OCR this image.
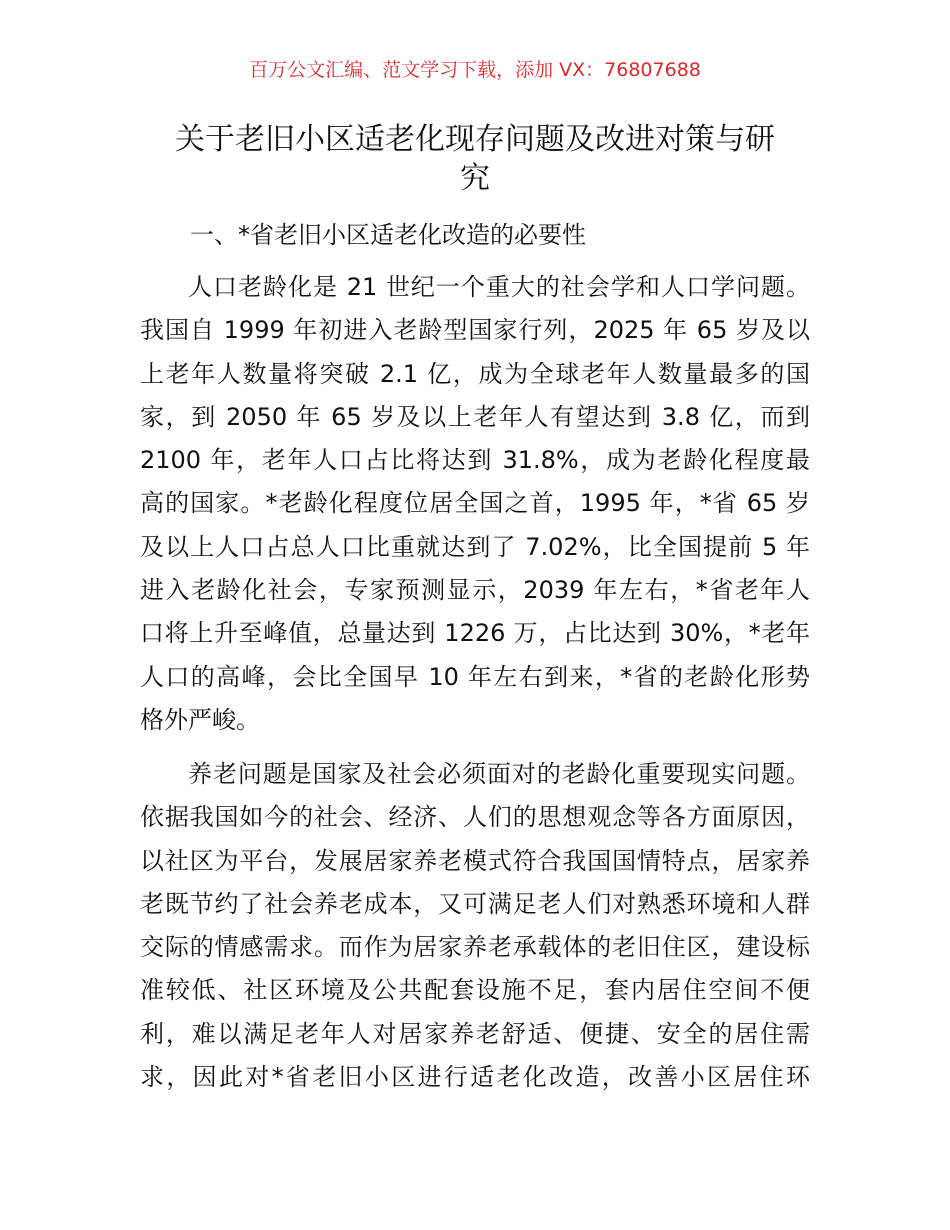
百万公文汇编、范文学习下载，添加 VX：76807688
关于老旧小区适老化现存问题及改进对策与研
究
一、*省老旧小区适老化改造的必要性
人口老龄化是 21 世纪一个重大的社会学和人口学问题。
我国自 1999 年初进入老龄型国家行列，2025 年 65 岁及以
上老年人数量将突破 2.1 亿，成为全球老年人数量最多的国
家，到 2050 年 65 岁及以上老年人有望达到 3.8 亿，而到
2100 年，老年人口占比将达到 31.8%，成为老龄化程度最
高的国家。*老龄化程度位居全国之首，1995 年，*省 65 岁
及以上人口占总人口比重就达到了 7.02%，比全国提前 5 年
进入老龄化社会，专家预测显示，2039 年左右，*省老年人
口将上升至峰值，总量达到 1226 万，占比达到 30%，*老年
人口的高峰，会比全国早 10 年左右到来，*省的老龄化形势
格外严峻。
养老问题是国家及社会必须面对的老龄化重要现实问题。
依据我国如今的社会、经济、人们的思想观念等各方面原因，
以社区为平台，发展居家养老模式符合我国国情特点，居家养
老既节约了社会养老成本，又可满足老人们对熟悉环境和人群
交际的情感需求。而作为居家养老承载体的老旧住区，建设标
准较低、社区环境及公共配套设施不足，套内居住空间不便
利，难以满足老年人对居家养老舒适、便捷、安全的居住需
求，因此对*省老旧小区进行适老化改造，改善小区居住环
